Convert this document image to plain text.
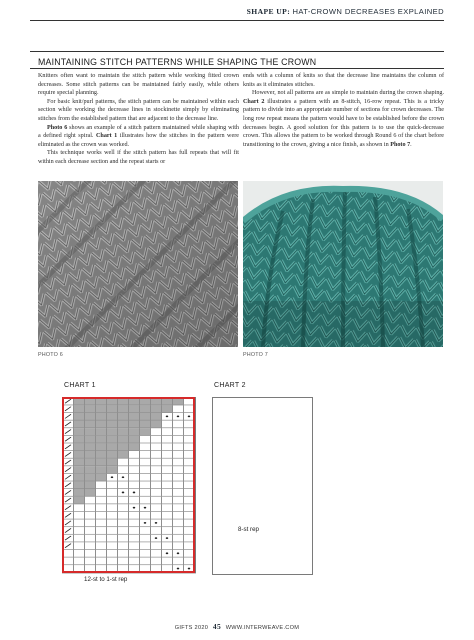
SHAPE UP: HAT-CROWN DECREASES EXPLAINED
MAINTAINING STITCH PATTERNS WHILE SHAPING THE CROWN

Knitters often want to maintain the stitch pattern while working fitted crown decreases. Some stitch patterns can be maintained fairly easily, while others require special planning.

For basic knit/purl patterns, the stitch pattern can be maintained within each section while working the decrease lines in stockinette simply by eliminating stitches from the established pattern that are adjacent to the decrease line.

Photo 6 shows an example of a stitch pattern maintained while shaping with a defined right spiral. Chart 1 illustrates how the stitches in the pattern were eliminated as the crown was worked.

This technique works well if the stitch pattern has full repeats that will fit within each decrease section and the repeat starts or

ends with a column of knits so that the decrease line maintains the column of knits as it eliminates stitches.

However, not all patterns are as simple to maintain during the crown shaping. Chart 2 illustrates a pattern with an 8-stitch, 16-row repeat. This is a tricky pattern to divide into an appropriate number of sections for crown decreases. The long row repeat means the pattern would have to be established before the crown decreases begin. A good solution for this pattern is to use the quick-decrease crown. This allows the pattern to be worked through Round 6 of the chart before transitioning to the crown, giving a nice finish, as shown in Photo 7.

PHOTO 6	PHOTO 7
CHART 1
12-st to 1-st rep
CHART 2
8-st rep
GIFTS 2020 45 WWW.INTERWEAVE.COM
